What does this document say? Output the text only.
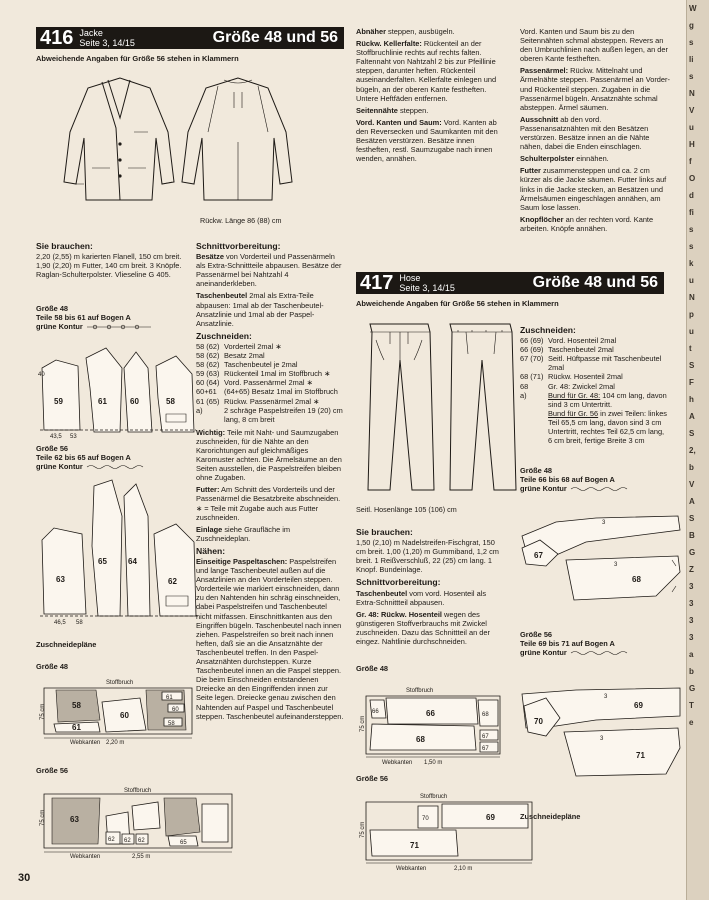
416 Jacke
Seite 3, 14/15	Größe 48 und 56
Abweichende Angaben für Größe 56 stehen in Klammern
Rückw. Länge 86 (88) cm
Sie brauchen:

2,20 (2,55) m karierten Flanell, 150 cm breit. 1,90 (2,20) m Futter, 140 cm breit. 3 Knöpfe. Raglan-Schulterpolster. Vlieseline G 405.

Größe 48
Teile 58 bis 61 auf Bogen A
grüne Kontur
59	61	60	58
40
43,5 53
Größe 56
Teile 62 bis 65 auf Bogen A
grüne Kontur
63
65	64
62
46,5 58
Zuschneidepläne
Größe 48
Stoffbruch
58
60
61
61
60
58
75 cm
Webkanten 2,20 m
Größe 56
Stoffbruch
63
62 62
62	65
75 cm
Webkanten	2,55 m
Schnittvorbereitung:

Besätze von Vorderteil und Passenärmeln als Extra-Schnittteile abpausen. Besätze der Passenärmel bei Nahtzahl 4 aneinanderkleben.

Taschenbeutel 2mal als Extra-Teile abpausen: 1mal ab der Taschenbeutel-Ansatzlinie und 1mal ab der Paspel-Ansatzlinie.

Zuschneiden:
58 (62) Vorderteil 2mal ∗
58 (62) Besatz 2mal
58 (62) Taschenbeutel je 2mal
59 (63) Rückenteil 1mal im Stoffbruch ∗
60 (64) Vord. Passenärmel 2mal ∗
60+61 (64+65) Besatz 1mal im Stoffbruch
61 (65) Rückw. Passenärmel 2mal ∗
a)	2 schräge Paspelstreifen 19 (20) cm lang, 8 cm breit

Wichtig: Teile mit Naht- und Saumzugaben zuschneiden, für die Nähte an den Karorichtungen auf gleichmäßiges Karomuster achten. Die Ärmelsäume an den Seiten ausstellen, die Paspelstreifen bleiben ohne Zugaben.

Futter: Am Schnitt des Vorderteils und der Passenärmel die Besatzbreite abschneiden. ∗ = Teile mit Zugabe auch aus Futter zuschneiden.

Einlage siehe Graufläche im Zuschneideplan.

Nähen:

Einseitige Paspeltaschen: Paspelstreifen und lange Taschenbeutel außen auf die Ansatzlinien an den Vorderteilen steppen. Vorderteile wie markiert einschneiden, dann zu den Nahtenden hin schräg einschneiden, dabei Paspelstreifen und Taschenbeutel nicht mitfassen. Einschnittkanten aus den Eingriffen bügeln. Taschenbeutel nach innen ziehen. Paspelstreifen so breit nach innen heften, daß sie an die Ansatznähte der Taschenbeutel treffen. In den Paspel-Ansatznähten durchsteppen. Kurze Taschenbeutel innen an die Paspel steppen. Die beim Einschneiden entstandenen Dreiecke an den Eingriffenden innen zur Seite legen. Dreiecke genau zwischen den Nahtenden auf Paspel und Taschenbeutel steppen. Taschenbeutel aufeinandersteppen.

Abnäher steppen, ausbügeln.

Rückw. Kellerfalte: Rückenteil an der Stoffbruchlinie rechts auf rechts falten. Faltennaht von Nahtzahl 2 bis zur Pfeillinie steppen, darunter heften. Rückenteil auseinanderfalten. Kellerfalte einlegen und bügeln, an der oberen Kante festheften. Untere Heftfäden entfernen.

Seitennähte steppen.

Vord. Kanten und Saum: Vord. Kanten ab den Reversecken und Saumkanten mit den Besätzen verstürzen. Besätze innen festheften, restl. Saumzugabe nach innen wenden, annähen.

Vord. Kanten und Saum bis zu den Seitennähten schmal absteppen. Revers an den Umbruchlinien nach außen legen, an der oberen Kante festheften.

Passenärmel: Rückw. Mittelnaht und Ärmelnähte steppen. Passenärmel an Vorder- und Rückenteil steppen. Zugaben in die Passenärmel bügeln. Ansatznähte schmal absteppen. Ärmel säumen.

Ausschnitt ab den vord. Passenansatznähten mit den Besätzen verstürzen. Besätze innen an die Nähte nähen, dabei die Enden einschlagen.

Schulterpolster einnähen.

Futter zusammensteppen und ca. 2 cm kürzer als die Jacke säumen. Futter links auf links in die Jacke stecken, an Besätzen und Ärmelsäumen eingeschlagen annähen, am Saum lose lassen.

Knopflöcher an der rechten vord. Kante arbeiten. Knöpfe annähen.

417 Hose
Seite 3, 14/15	Größe 48 und 56
Abweichende Angaben für Größe 56 stehen in Klammern
Seitl. Hosenlänge 105 (106) cm
Sie brauchen:

1,50 (2,10) m Nadelstreifen-Fischgrat, 150 cm breit. 1,00 (1,20) m Gummiband, 1,2 cm breit. 1 Reißverschluß, 22 (25) cm lang. 1 Knopf. Bundeinlage.

Schnittvorbereitung:

Taschenbeutel vom vord. Hosenteil als Extra-Schnittteil abpausen.

Gr. 48: Rückw. Hosenteil wegen des günstigeren Stoffverbrauchs mit Zwickel zuschneiden. Dazu das Schnittteil an der eingez. Nahtlinie durchschneiden.

Größe 48
Stoffbruch
66	66
68
68
67
67
75 cm
Webkanten 1,50 m
Größe 56
Stoffbruch
70	69
71
75 cm
Webkanten	2,10 m
Zuschneiden:
66 (69) Vord. Hosenteil 2mal
66 (69) Taschenbeutel 2mal
67 (70) Seitl. Hüftpasse mit Taschenbeutel 2mal
68 (71) Rückw. Hosenteil 2mal
68	Gr. 48: Zwickel 2mal
a)	Bund für Gr. 48: 104 cm lang, davon sind 3 cm Untertritt.
Bund für Gr. 56 in zwei Teilen: linkes Teil 65,5 cm lang, davon sind 3 cm Untertritt, rechtes Teil 62,5 cm lang, 6 cm breit, fertige Breite 3 cm
Größe 48
Teile 66 bis 68 auf Bogen A
grüne Kontur
3
67
68
3
Größe 56
Teile 69 bis 71 auf Bogen A
grüne Kontur
69
70
71
3
3
Zuschneidepläne
30
W
g
s
li
s
N
V
u
H
f
O
d
fi
s
s
k
u
N
p
u
t
S
F
h
A
S
2,
b
V
A
S
B
G
Z
3
3
3
3
a
b
G
T
e
